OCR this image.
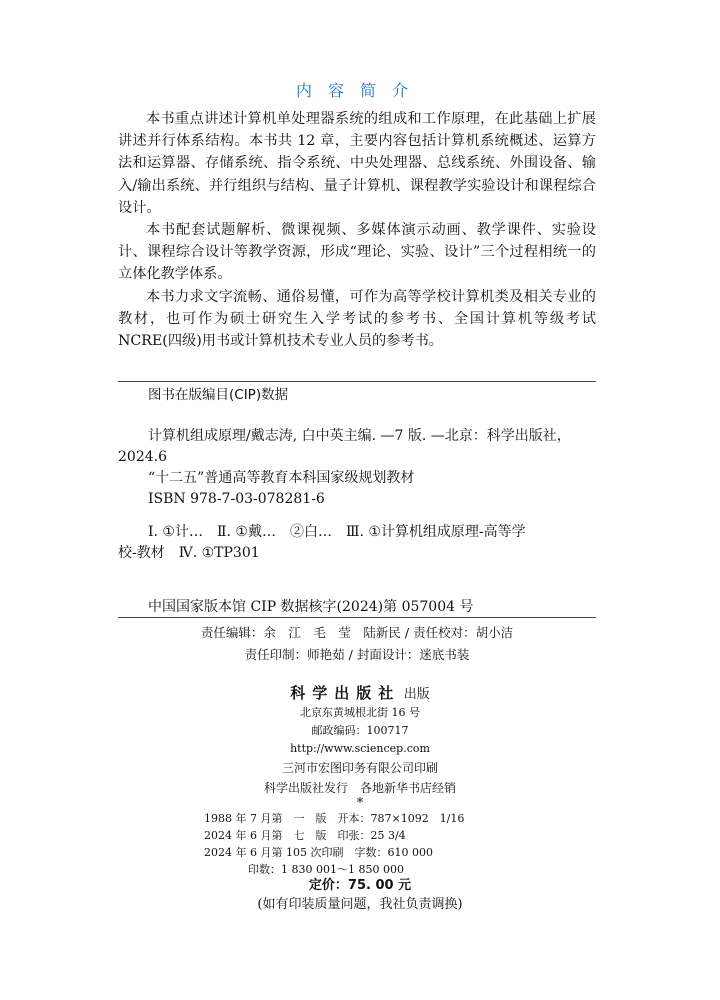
内容简介

本书重点讲述计算机单处理器系统的组成和工作原理，在此基础上扩展讲述并行体系结构。本书共 12 章，主要内容包括计算机系统概述、运算方法和运算器、存储系统、指令系统、中央处理器、总线系统、外围设备、输入/输出系统、并行组织与结构、量子计算机、课程教学实验设计和课程综合设计。

本书配套试题解析、微课视频、多媒体演示动画、教学课件、实验设计、课程综合设计等教学资源，形成“理论、实验、设计”三个过程相统一的立体化教学体系。

本书力求文字流畅、通俗易懂，可作为高等学校计算机类及相关专业的教材，也可作为硕士研究生入学考试的参考书、全国计算机等级考试NCRE(四级)用书或计算机技术专业人员的参考书。

图书在版编目(CIP)数据
计算机组成原理/戴志涛, 白中英主编. —7 版. —北京：科学出版社，
2024.6
“十二五”普通高等教育本科国家级规划教材
ISBN 978-7-03-078281-6
Ⅰ. ①计…　Ⅱ. ①戴…　②白…　Ⅲ. ①计算机组成原理-高等学
校-教材　Ⅳ. ①TP301
中国国家版本馆 CIP 数据核字(2024)第 057004 号
责任编辑：余　江　毛　莹　陆新民 / 责任校对：胡小洁
责任印制：师艳茹 / 封面设计：迷底书装
科学出版社 出版
北京东黄城根北街 16 号
邮政编码：100717
http://www.sciencep.com
三河市宏图印务有限公司印刷
科学出版社发行　各地新华书店经销
*
1988 年 7 月第　一　版　开本：787×1092　1/16
2024 年 6 月第　七　版　印张：25 3/4
2024 年 6 月第 105 次印刷　字数：610 000
　　　　印数：1 830 001～1 850 000
定价：75. 00 元
(如有印装质量问题，我社负责调换)
